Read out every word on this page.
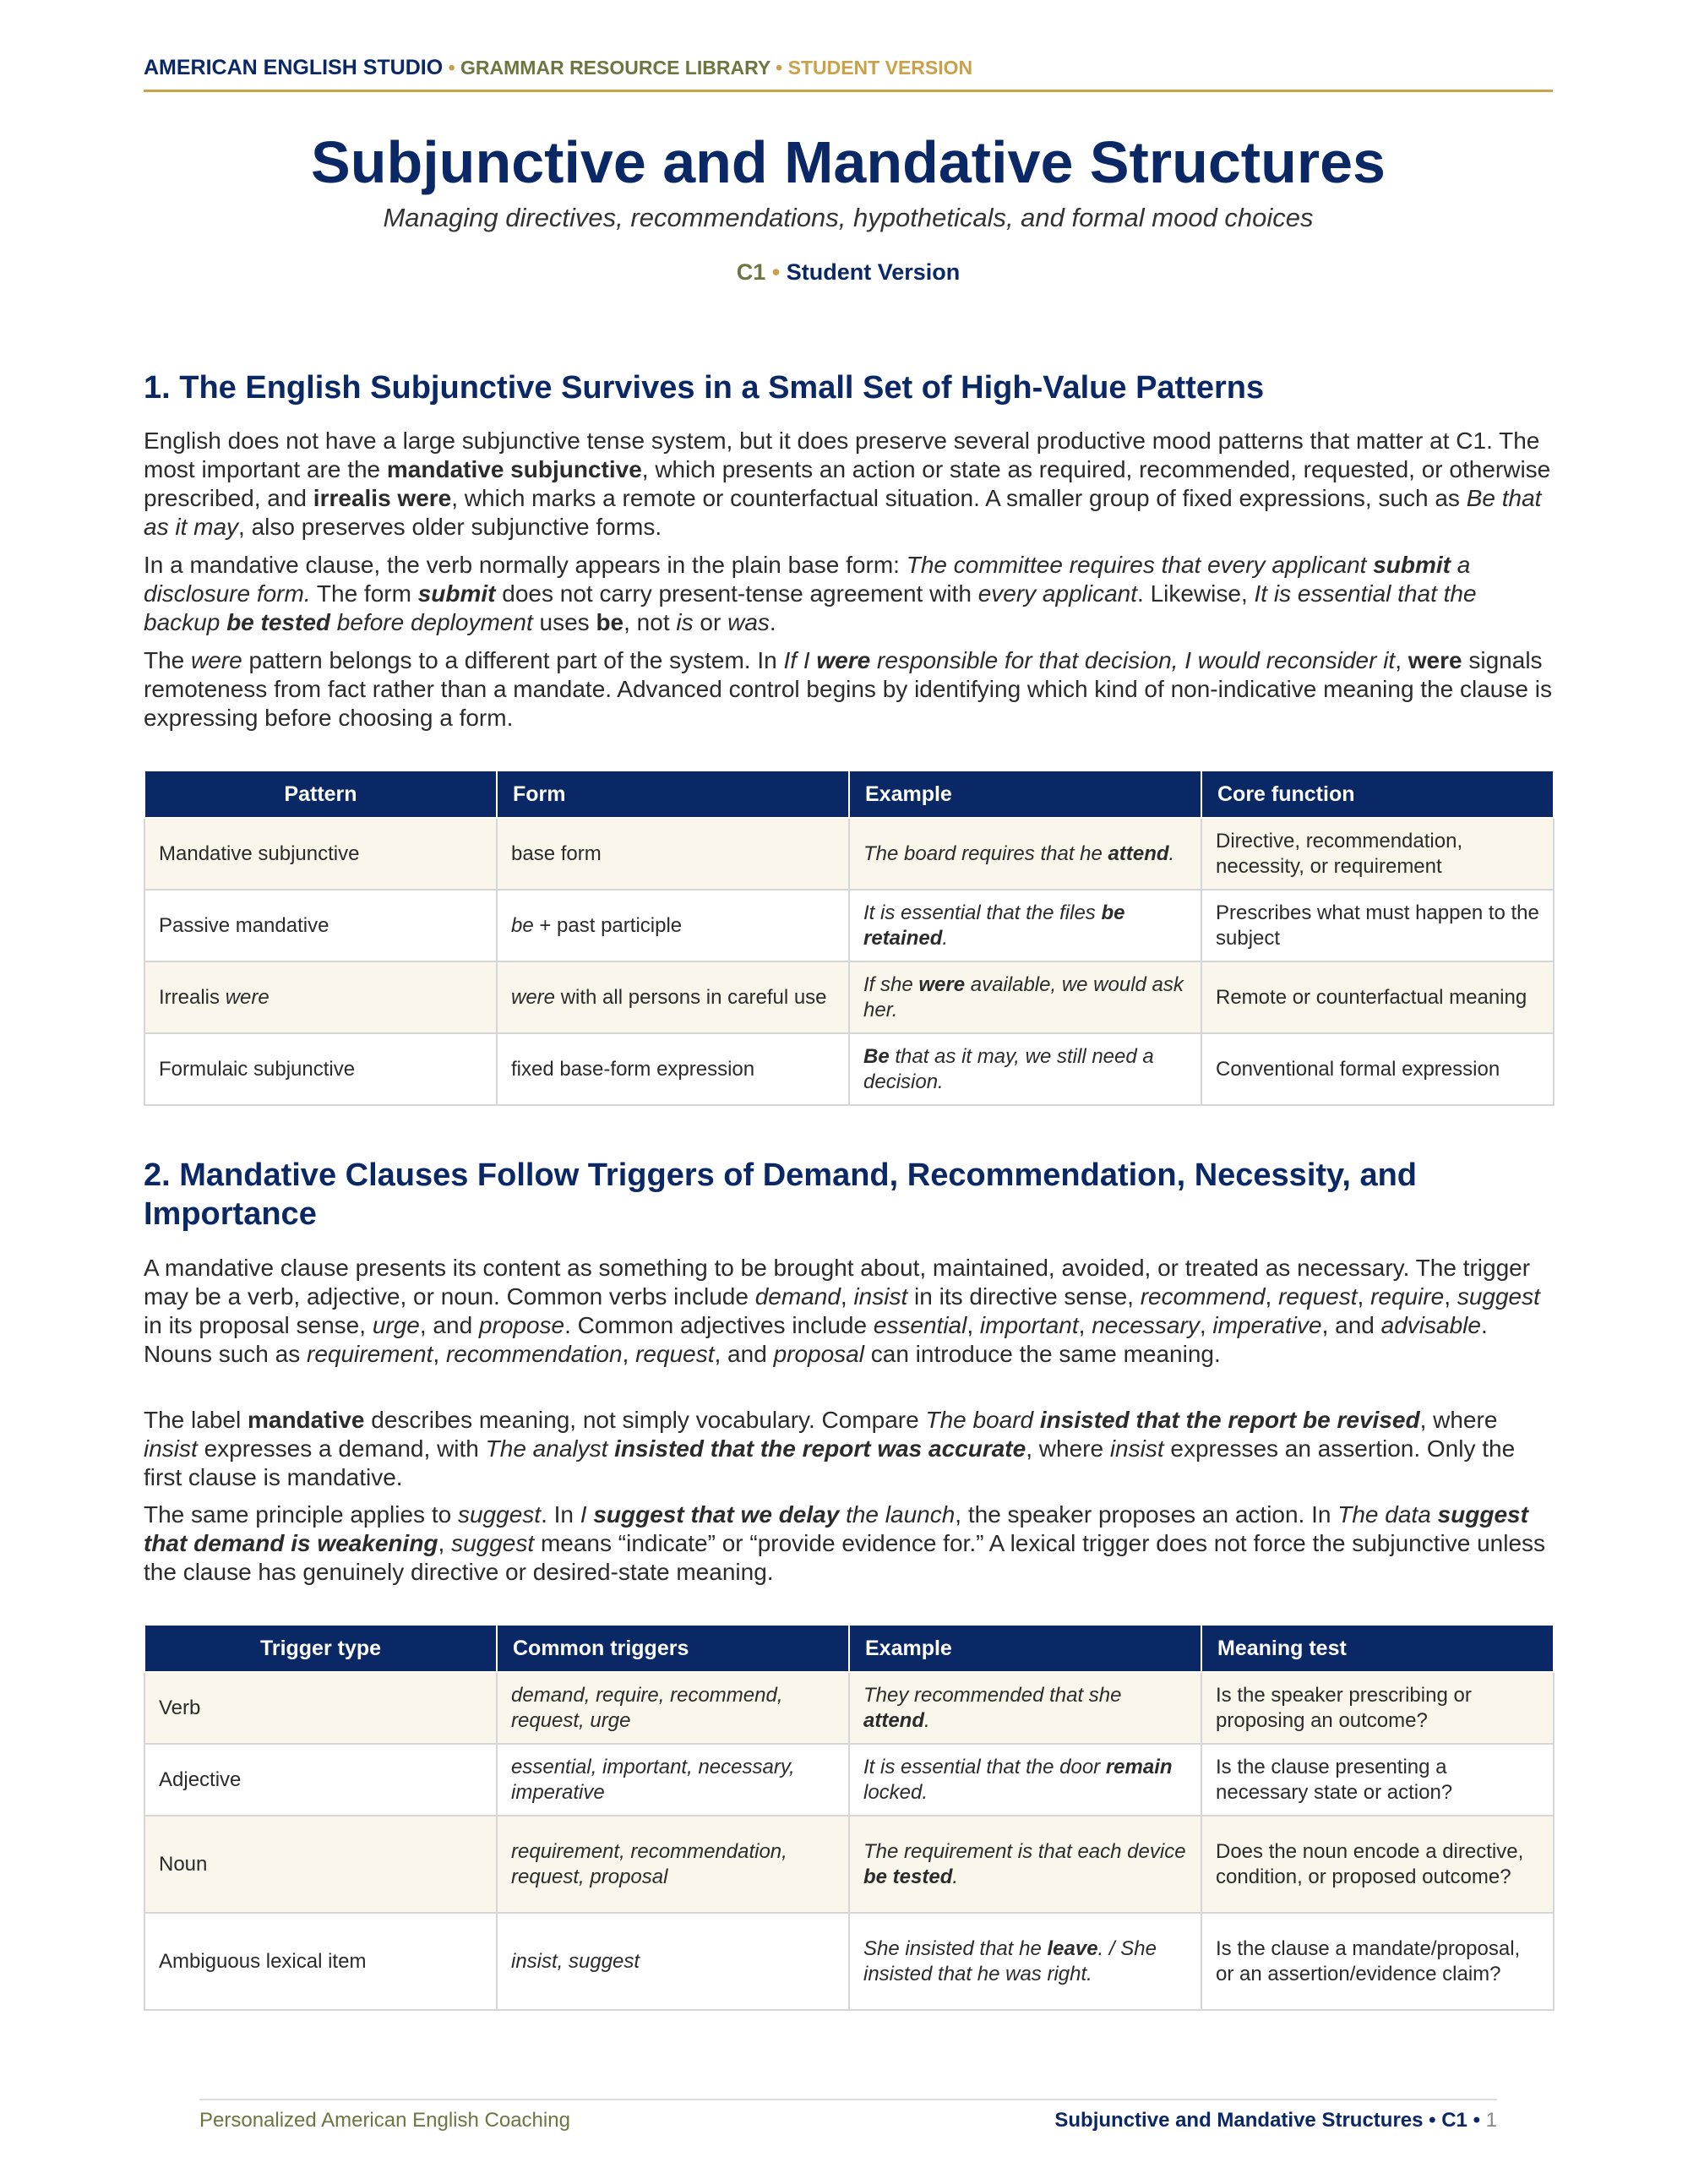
AMERICAN ENGLISH STUDIO • GRAMMAR RESOURCE LIBRARY • STUDENT VERSION
Subjunctive and Mandative Structures
Managing directives, recommendations, hypotheticals, and formal mood choices
C1 • Student Version
1. The English Subjunctive Survives in a Small Set of High-Value Patterns

English does not have a large subjunctive tense system, but it does preserve several productive mood patterns that matter at C1. The most important are the mandative subjunctive, which presents an action or state as required, recommended, requested, or otherwise prescribed, and irrealis were, which marks a remote or counterfactual situation. A smaller group of fixed expressions, such as Be that as it may, also preserves older subjunctive forms.

In a mandative clause, the verb normally appears in the plain base form: The committee requires that every applicant submit a disclosure form. The form submit does not carry present-tense agreement with every applicant. Likewise, It is essential that the backup be tested before deployment uses be, not is or was.

The were pattern belongs to a different part of the system. In If I were responsible for that decision, I would reconsider it, were signals remoteness from fact rather than a mandate. Advanced control begins by identifying which kind of non-indicative meaning the clause is expressing before choosing a form.

Pattern	Form	Example	Core function
Mandative subjunctive	base form	The board requires that he attend.	Directive, recommendation, necessity, or requirement
Passive mandative	be + past participle	It is essential that the files be retained.	Prescribes what must happen to the subject
Irrealis were	were with all persons in careful use	If she were available, we would ask her.	Remote or counterfactual meaning
Formulaic subjunctive	fixed base-form expression	Be that as it may, we still need a decision.	Conventional formal expression
2. Mandative Clauses Follow Triggers of Demand, Recommendation, Necessity, and Importance

A mandative clause presents its content as something to be brought about, maintained, avoided, or treated as necessary. The trigger may be a verb, adjective, or noun. Common verbs include demand, insist in its directive sense, recommend, request, require, suggest in its proposal sense, urge, and propose. Common adjectives include essential, important, necessary, imperative, and advisable. Nouns such as requirement, recommendation, request, and proposal can introduce the same meaning.

The label mandative describes meaning, not simply vocabulary. Compare The board insisted that the report be revised, where insist expresses a demand, with The analyst insisted that the report was accurate, where insist expresses an assertion. Only the first clause is mandative.

The same principle applies to suggest. In I suggest that we delay the launch, the speaker proposes an action. In The data suggest that demand is weakening, suggest means “indicate” or “provide evidence for.” A lexical trigger does not force the subjunctive unless the clause has genuinely directive or desired-state meaning.

Trigger type	Common triggers	Example	Meaning test
Verb	demand, require, recommend, request, urge	They recommended that she attend.	Is the speaker prescribing or proposing an outcome?
Adjective	essential, important, necessary, imperative	It is essential that the door remain locked.	Is the clause presenting a necessary state or action?
Noun	requirement, recommendation, request, proposal	The requirement is that each device be tested.	Does the noun encode a directive, condition, or proposed outcome?
Ambiguous lexical item	insist, suggest	She insisted that he leave. / She insisted that he was right.	Is the clause a mandate/proposal, or an assertion/evidence claim?
Personalized American English Coaching	Subjunctive and Mandative Structures • C1 • 1
